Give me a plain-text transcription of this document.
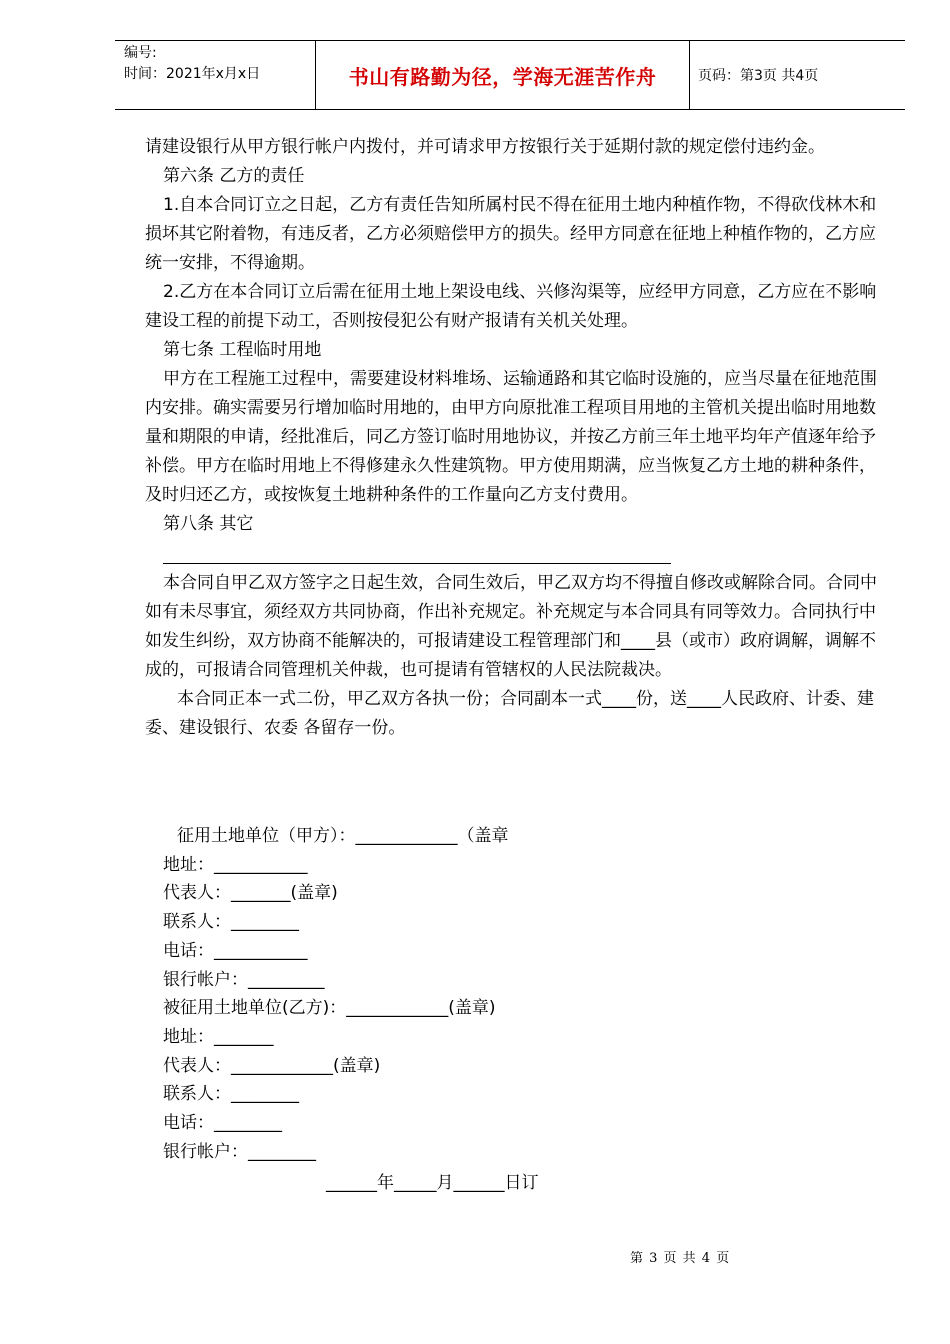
编号:
时间：2021年x月x日	书山有路勤为径，学海无涯苦作舟	页码：第3页 共4页

请建设银行从甲方银行帐户内拨付，并可请求甲方按银行关于延期付款的规定偿付违约金。

第六条 乙方的责任

1.自本合同订立之日起，乙方有责任告知所属村民不得在征用土地内种植作物，不得砍伐林木和损坏其它附着物，有违反者，乙方必须赔偿甲方的损失。经甲方同意在征地上种植作物的，乙方应统一安排，不得逾期。

2.乙方在本合同订立后需在征用土地上架设电线、兴修沟渠等，应经甲方同意，乙方应在不影响建设工程的前提下动工，否则按侵犯公有财产报请有关机关处理。

第七条 工程临时用地

甲方在工程施工过程中，需要建设材料堆场、运输通路和其它临时设施的，应当尽量在征地范围内安排。确实需要另行增加临时用地的，由甲方向原批准工程项目用地的主管机关提出临时用地数量和期限的申请，经批准后，同乙方签订临时用地协议，并按乙方前三年土地平均年产值逐年给予补偿。甲方在临时用地上不得修建永久性建筑物。甲方使用期满，应当恢复乙方土地的耕种条件，及时归还乙方，或按恢复土地耕种条件的工作量向乙方支付费用。

第八条 其它

本合同自甲乙双方签字之日起生效，合同生效后，甲乙双方均不得擅自修改或解除合同。合同中如有未尽事宜，须经双方共同协商，作出补充规定。补充规定与本合同具有同等效力。合同执行中如发生纠纷，双方协商不能解决的，可报请建设工程管理部门和____县（或市）政府调解，调解不成的，可报请合同管理机关仲裁，也可提请有管辖权的人民法院裁决。

本合同正本一式二份，甲乙双方各执一份；合同副本一式____份，送____人民政府、计委、建委、建设银行、农委 各留存一份。

征用土地单位（甲方）：____________（盖章

地址：___________

代表人：_______(盖章)

联系人：________

电话：___________

银行帐户：_________

被征用土地单位(乙方)：____________(盖章)

地址：_______

代表人：____________(盖章)

联系人：________

电话：________

银行帐户：________

______年_____月______日订
第 3 页 共 4 页
